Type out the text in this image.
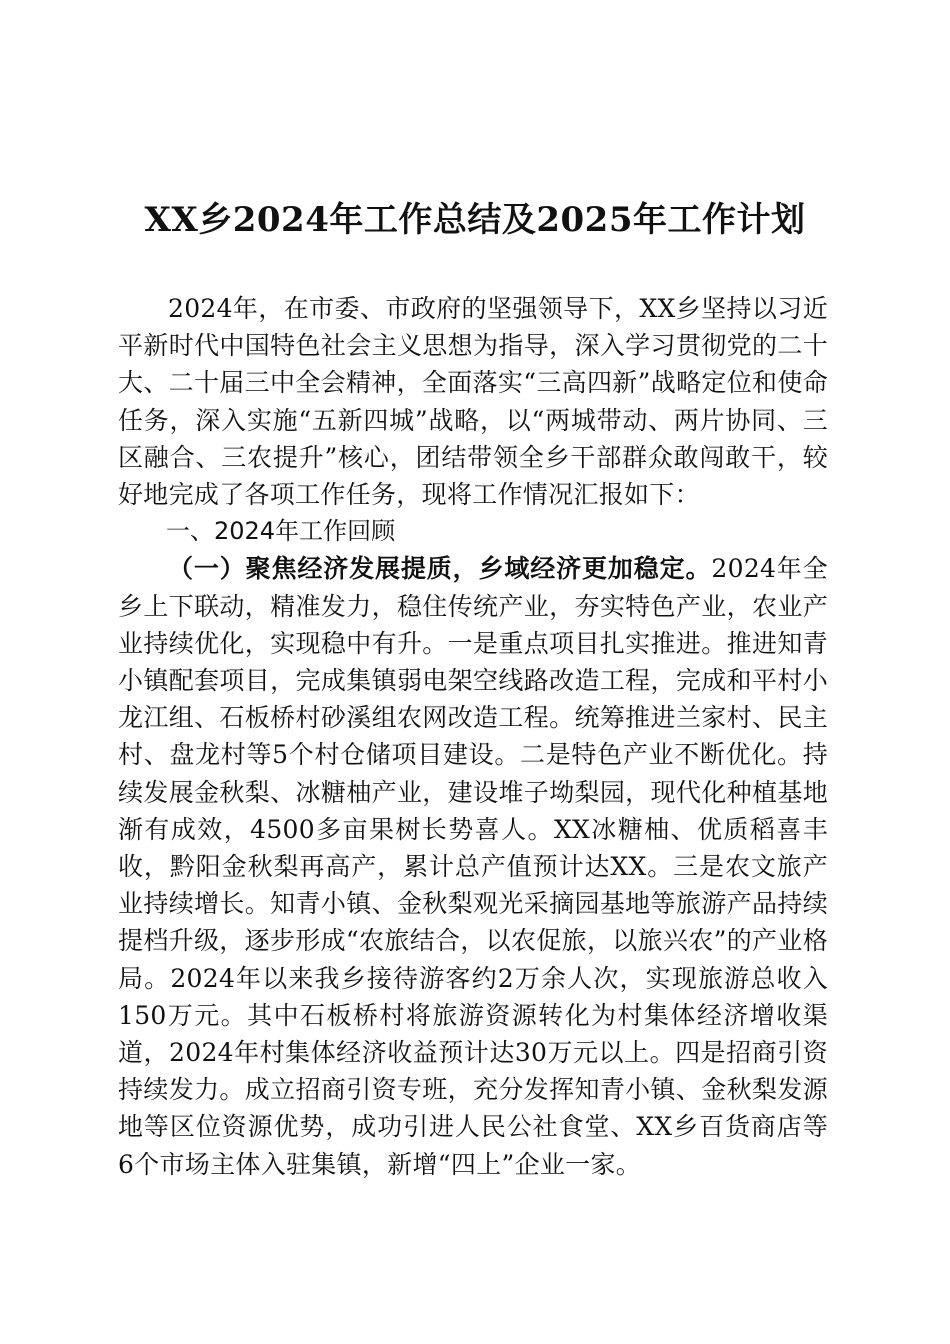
XX乡2024年工作总结及2025年工作计划

2024年，在市委、市政府的坚强领导下，XX乡坚持以习近平新时代中国特色社会主义思想为指导，深入学习贯彻党的二十大、二十届三中全会精神，全面落实“三高四新”战略定位和使命任务，深入实施“五新四城”战略，以“两城带动、两片协同、三区融合、三农提升”核心，团结带领全乡干部群众敢闯敢干，较好地完成了各项工作任务，现将工作情况汇报如下：

一、2024年工作回顾

（一）聚焦经济发展提质，乡域经济更加稳定。2024年全乡上下联动，精准发力，稳住传统产业，夯实特色产业，农业产业持续优化，实现稳中有升。一是重点项目扎实推进。推进知青小镇配套项目，完成集镇弱电架空线路改造工程，完成和平村小龙江组、石板桥村砂溪组农网改造工程。统筹推进兰家村、民主村、盘龙村等5个村仓储项目建设。二是特色产业不断优化。持续发展金秋梨、冰糖柚产业，建设堆子坳梨园，现代化种植基地渐有成效，4500多亩果树长势喜人。XX冰糖柚、优质稻喜丰收，黔阳金秋梨再高产，累计总产值预计达XX。三是农文旅产业持续增长。知青小镇、金秋梨观光采摘园基地等旅游产品持续提档升级，逐步形成“农旅结合，以农促旅，以旅兴农”的产业格局。2024年以来我乡接待游客约2万余人次，实现旅游总收入150万元。其中石板桥村将旅游资源转化为村集体经济增收渠道，2024年村集体经济收益预计达30万元以上。四是招商引资持续发力。成立招商引资专班，充分发挥知青小镇、金秋梨发源地等区位资源优势，成功引进人民公社食堂、XX乡百货商店等6个市场主体入驻集镇，新增“四上”企业一家。
